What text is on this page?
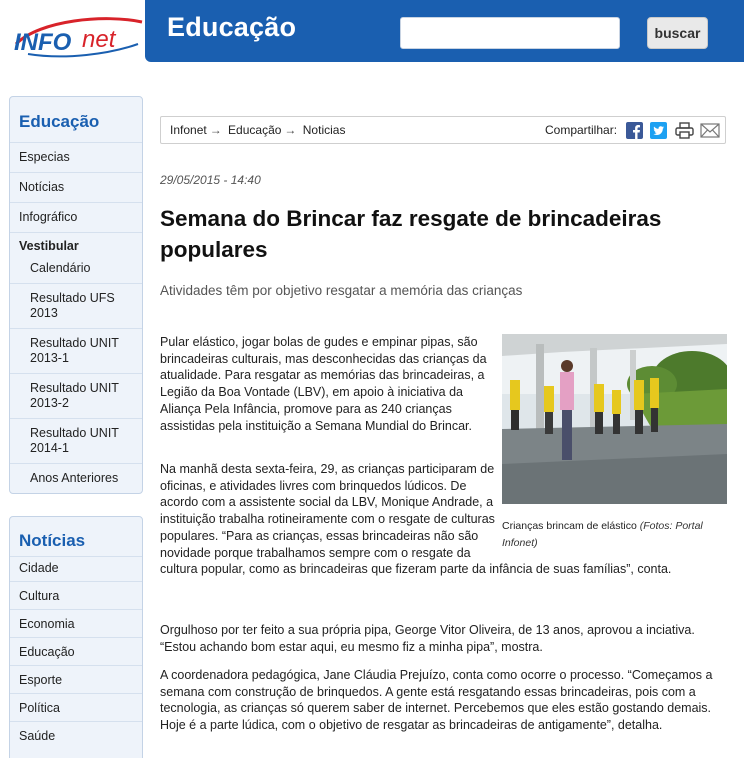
INFO net Educação	buscar
Educação
Especias
Notícias
Infográfico
Vestibular
Calendário
Resultado UFS 2013
Resultado UNIT 2013-1
Resultado UNIT 2013-2
Resultado UNIT 2014-1
Anos Anteriores
Notícias
Cidade
Cultura
Economia
Educação
Esporte
Política
Saúde
Infonet → Educação → Noticias	Compartilhar:
29/05/2015 - 14:40
Semana do Brincar faz resgate de brincadeiras populares
Atividades têm por objetivo resgatar a memória das crianças
Crianças brincam de elástico (Fotos: Portal Infonet)

Pular elástico, jogar bolas de gudes e empinar pipas, são brincadeiras culturais, mas desconhecidas das crianças da atualidade. Para resgatar as memórias das brincadeiras, a Legião da Boa Vontade (LBV), em apoio à iniciativa da Aliança Pela Infância, promove para as 240 crianças assistidas pela instituição a Semana Mundial do Brincar.

Na manhã desta sexta-feira, 29, as crianças participaram de oficinas, e atividades livres com brinquedos lúdicos. De acordo com a assistente social da LBV, Monique Andrade, a instituição trabalha rotineiramente com o resgate de culturas populares. “Para as crianças, essas brincadeiras não são novidade porque trabalhamos sempre com o resgate da cultura popular, como as brincadeiras que fizeram parte da infância de suas famílias”, conta.

Orgulhoso por ter feito a sua própria pipa, George Vitor Oliveira, de 13 anos, aprovou a inciativa. “Estou achando bom estar aqui, eu mesmo fiz a minha pipa”, mostra.

A coordenadora pedagógica, Jane Cláudia Prejuízo, conta como ocorre o processo. “Começamos a semana com construção de brinquedos. A gente está resgatando essas brincadeiras, pois com a tecnologia, as crianças só querem saber de internet. Percebemos que eles estão gostando demais. Hoje é a parte lúdica, com o objetivo de resgatar as brincadeiras de antigamente”, detalha.
